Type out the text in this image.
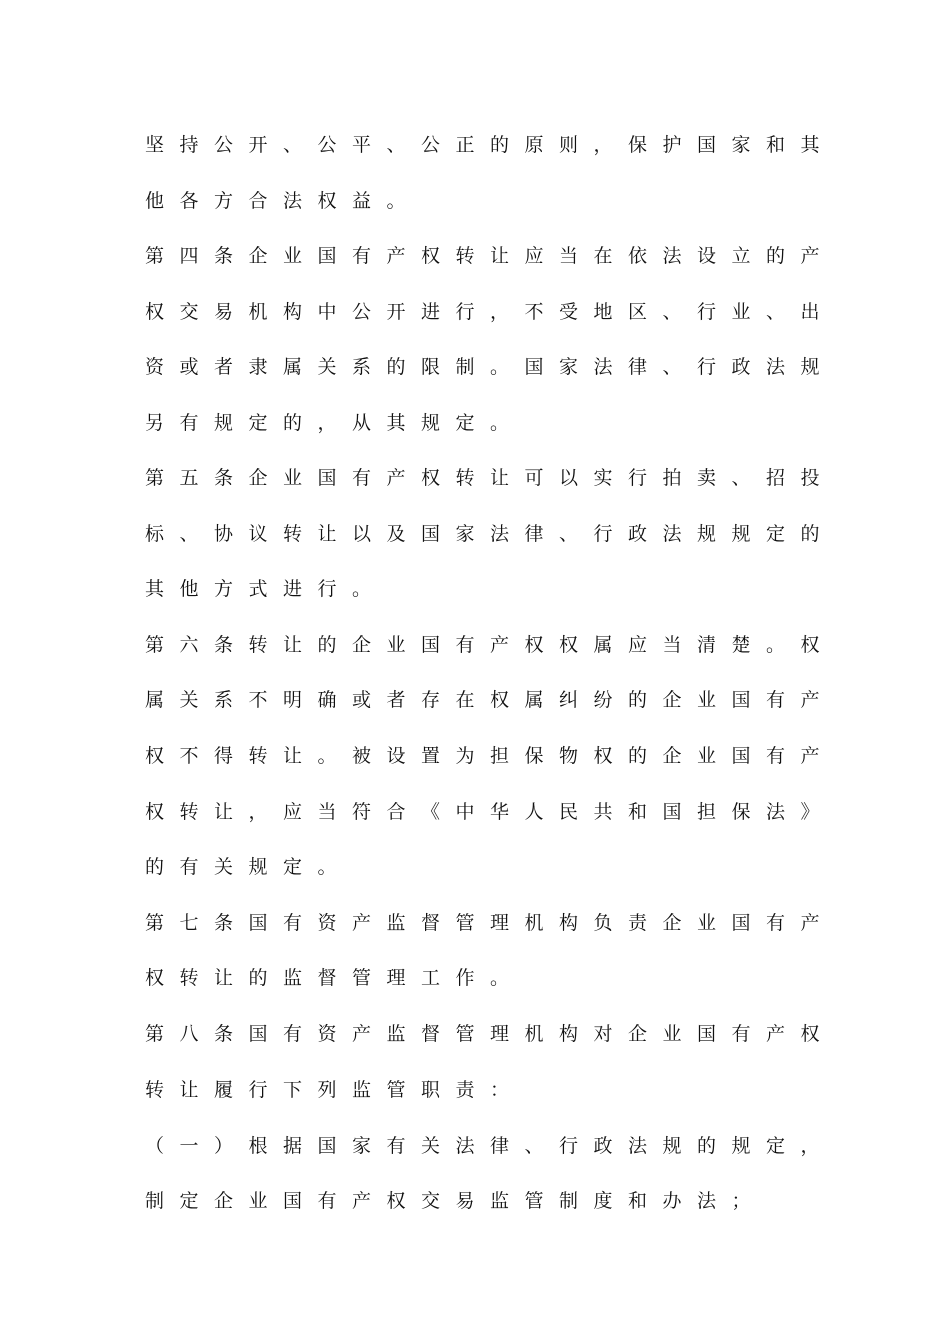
坚持公开、公平、公正的原则，保护国家和其
他各方合法权益。
第四条企业国有产权转让应当在依法设立的产
权交易机构中公开进行，不受地区、行业、出
资或者隶属关系的限制。国家法律、行政法规
另有规定的，从其规定。
第五条企业国有产权转让可以实行拍卖、招投
标、协议转让以及国家法律、行政法规规定的
其他方式进行。
第六条转让的企业国有产权权属应当清楚。权
属关系不明确或者存在权属纠纷的企业国有产
权不得转让。被设置为担保物权的企业国有产
权转让，应当符合《中华人民共和国担保法》
的有关规定。
第七条国有资产监督管理机构负责企业国有产
权转让的监督管理工作。
第八条国有资产监督管理机构对企业国有产权
转让履行下列监管职责：
（一）根据国家有关法律、行政法规的规定，
制定企业国有产权交易监管制度和办法；
